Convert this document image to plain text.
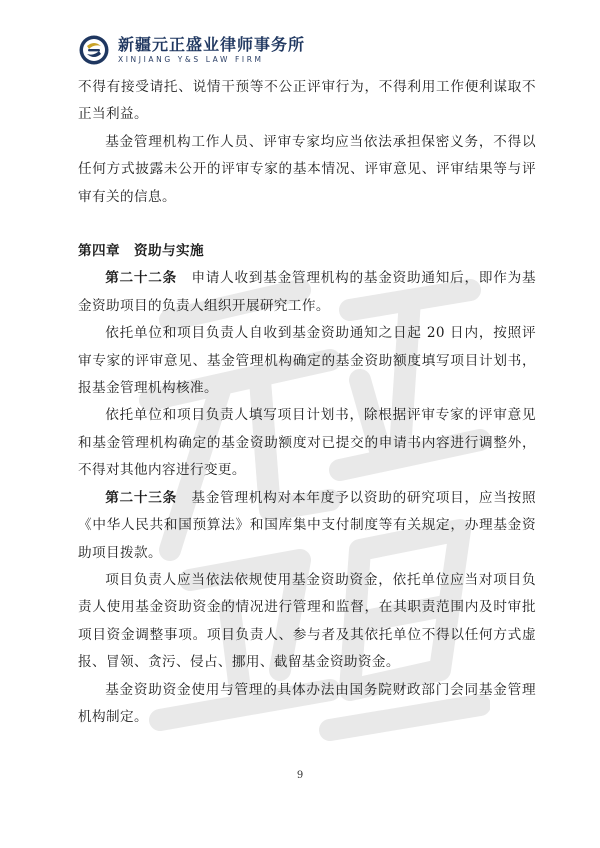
新疆元正盛业律师事务所
XINJIANG Y&S LAW FIRM

不得有接受请托、说情干预等不公正评审行为，不得利用工作便利谋取不正当利益。

基金管理机构工作人员、评审专家均应当依法承担保密义务，不得以任何方式披露未公开的评审专家的基本情况、评审意见、评审结果等与评审有关的信息。

第四章　资助与实施

第二十二条　 申请人收到基金管理机构的基金资助通知后，即作为基金资助项目的负责人组织开展研究工作。

依托单位和项目负责人自收到基金资助通知之日起 20 日内，按照评审专家的评审意见、基金管理机构确定的基金资助额度填写项目计划书，报基金管理机构核准。

依托单位和项目负责人填写项目计划书，除根据评审专家的评审意见和基金管理机构确定的基金资助额度对已提交的申请书内容进行调整外，不得对其他内容进行变更。

第二十三条　 基金管理机构对本年度予以资助的研究项目，应当按照《中华人民共和国预算法》和国库集中支付制度等有关规定，办理基金资助项目拨款。

项目负责人应当依法依规使用基金资助资金，依托单位应当对项目负责人使用基金资助资金的情况进行管理和监督，在其职责范围内及时审批项目资金调整事项。项目负责人、参与者及其依托单位不得以任何方式虚报、冒领、贪污、侵占、挪用、截留基金资助资金。

基金资助资金使用与管理的具体办法由国务院财政部门会同基金管理机构制定。

9
